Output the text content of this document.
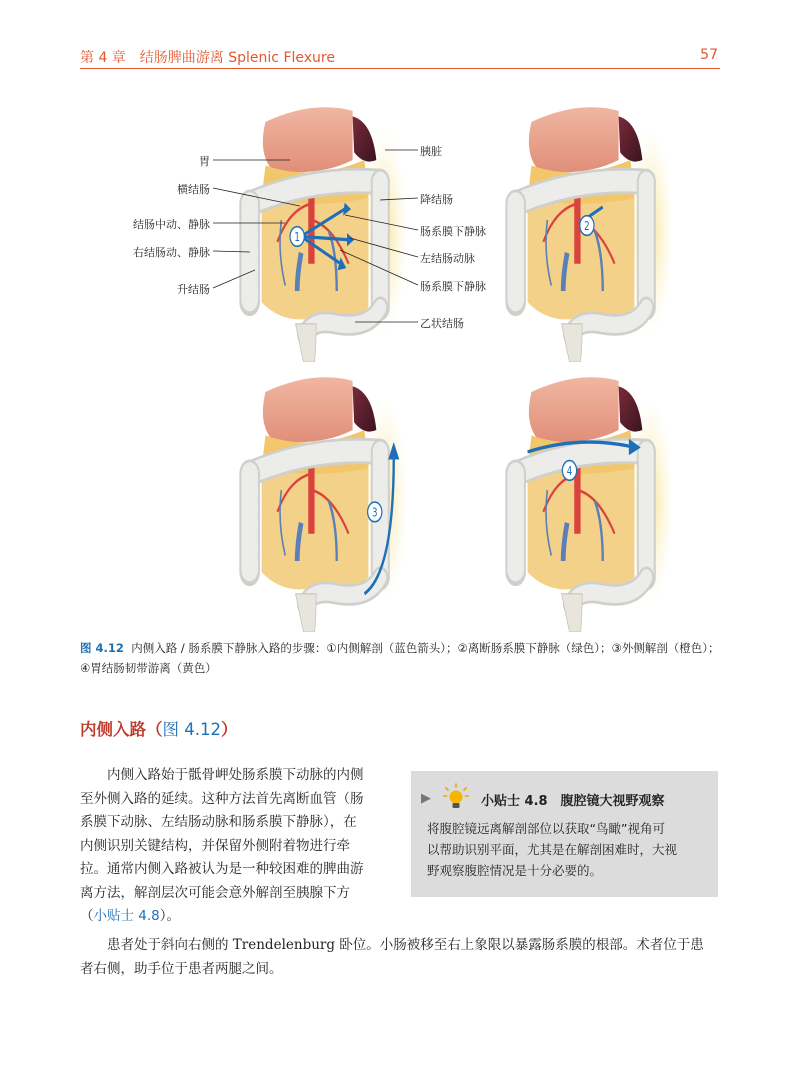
第 4 章　结肠脾曲游离 Splenic Flexure	57
1
胃
横结肠
结肠中动、静脉
右结肠动、静脉
升结肠
胰脏
降结肠
肠系膜下静脉
左结肠动脉
肠系膜下静脉
乙状结肠
2
3
4
图 4.12 内侧入路 / 肠系膜下静脉入路的步骤：①内侧解剖（蓝色箭头）；②离断肠系膜下静脉（绿色）；③外侧解剖（橙色）；④胃结肠韧带游离（黄色）
内侧入路（图 4.12）
内侧入路始于骶骨岬处肠系膜下动脉的内侧
至外侧入路的延续。这种方法首先离断血管（肠
系膜下动脉、左结肠动脉和肠系膜下静脉），在
内侧识别关键结构，并保留外侧附着物进行牵
拉。通常内侧入路被认为是一种较困难的脾曲游
离方法，解剖层次可能会意外解剖至胰腺下方
（小贴士 4.8）。
▶	小贴士 4.8　腹腔镜大视野观察
将腹腔镜远离解剖部位以获取“鸟瞰”视角可
以帮助识别平面，尤其是在解剖困难时，大视
野观察腹腔情况是十分必要的。
患者处于斜向右侧的 Trendelenburg 卧位。小肠被移至右上象限以暴露肠系膜的根部。术者位于患
者右侧，助手位于患者两腿之间。
